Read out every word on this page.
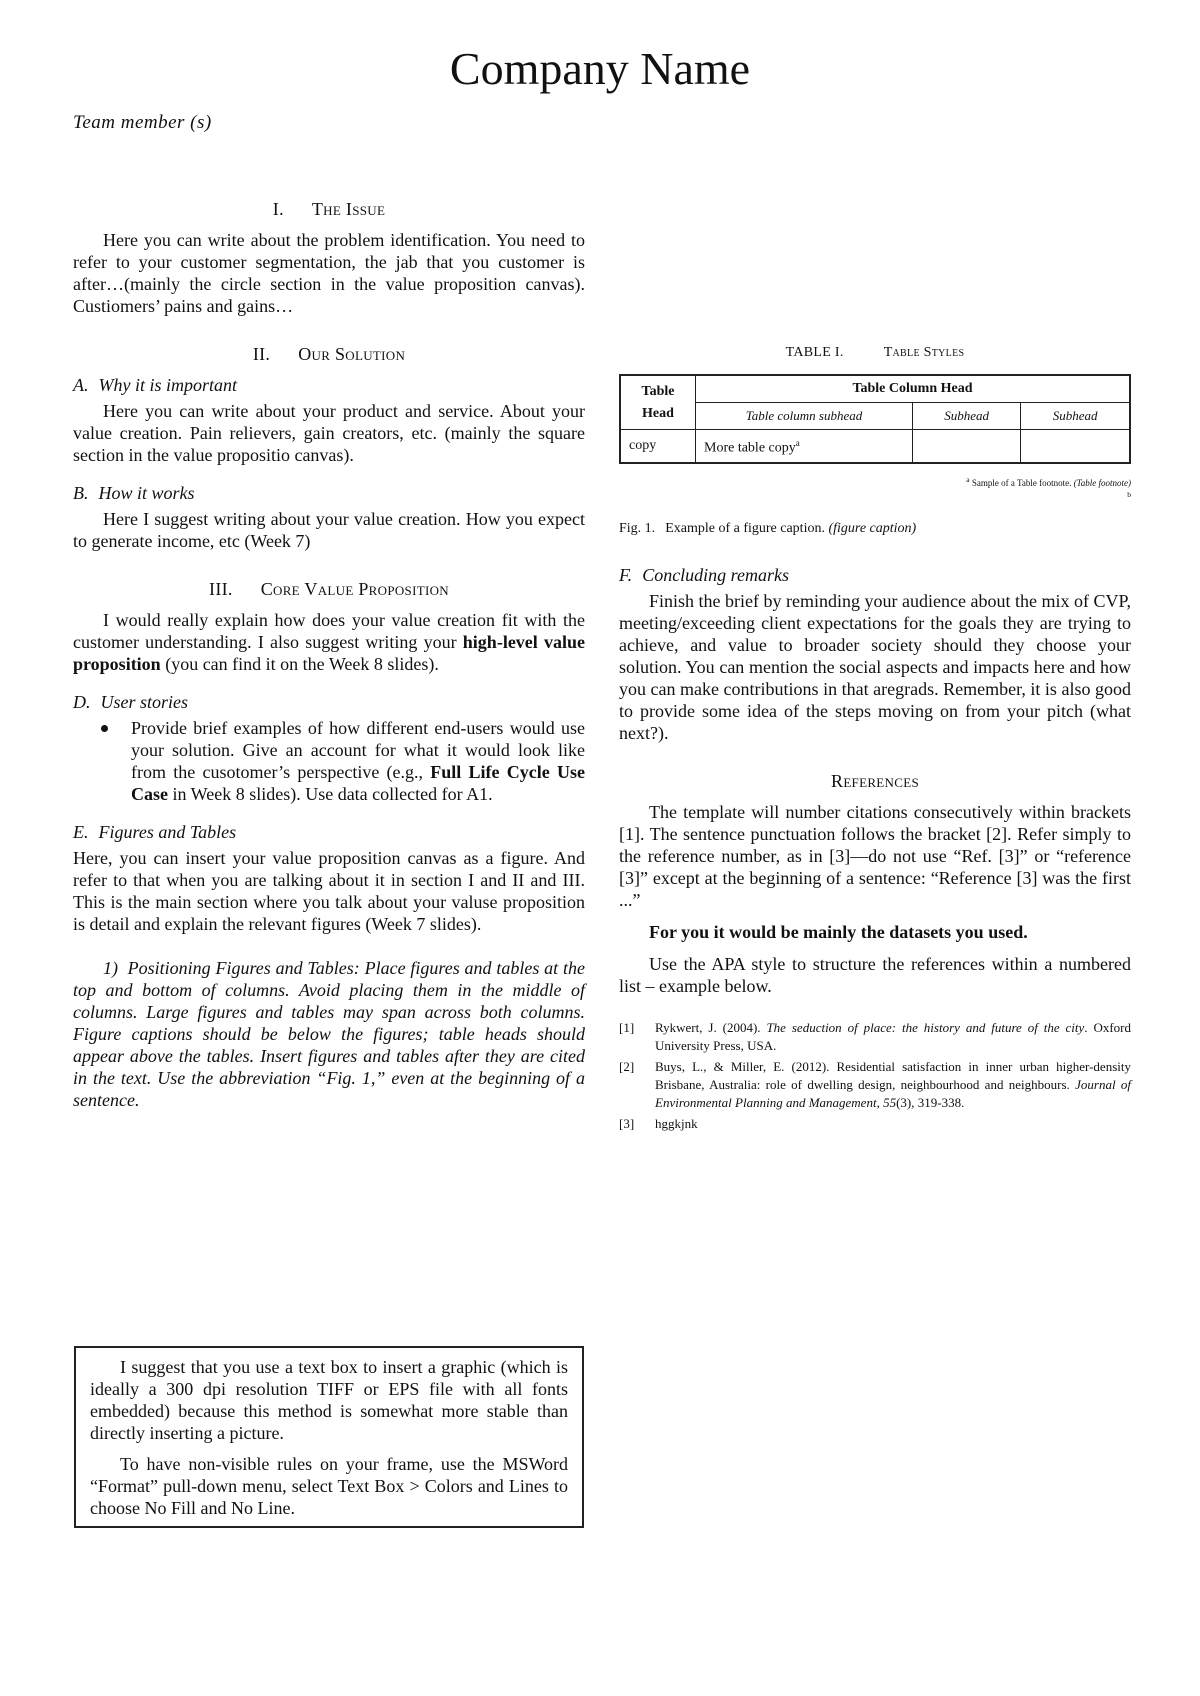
Company Name
Team member (s)
I. The Issue

Here you can write about the problem identification. You need to refer to your customer segmentation, the jab that you customer is after…(mainly the circle section in the value proposition canvas). Custiomers’ pains and gains…

II. Our Solution
A. Why it is important

Here you can write about your product and service. About your value creation. Pain relievers, gain creators, etc. (mainly the square section in the value propositio canvas).

B. How it works

Here I suggest writing about your value creation. How you expect to generate income, etc (Week 7)

III. Core Value Proposition

I would really explain how does your value creation fit with the customer understanding. I also suggest writing your high-level value proposition (you can find it on the Week 8 slides).

D. User stories
Provide brief examples of how different end-users would use your solution. Give an account for what it would look like from the cusotomer’s perspective (e.g., Full Life Cycle Use Case in Week 8 slides). Use data collected for A1.
E. Figures and Tables

Here, you can insert your value proposition canvas as a figure. And refer to that when you are talking about it in section I and II and III. This is the main section where you talk about your valuse proposition is detail and explain the relevant figures (Week 7 slides).

1) Positioning Figures and Tables: Place figures and tables at the top and bottom of columns. Avoid placing them in the middle of columns. Large figures and tables may span across both columns. Figure captions should be below the figures; table heads should appear above the tables. Insert figures and tables after they are cited in the text. Use the abbreviation “Fig. 1,” even at the beginning of a sentence.

TABLE I.	Table Styles
Table Head	Table Column Head		
	Table column subhead	Subhead	Subhead
copy	More table copy$^a$		
$^a$ Sample of a Table footnote. (Table footnote)
$^b$
Fig. 1. Example of a figure caption. (figure caption)
F. Concluding remarks

Finish the brief by reminding your audience about the mix of CVP, meeting/exceeding client expectations for the goals they are trying to achieve, and value to broader society should they choose your solution. You can mention the social aspects and impacts here and how you can make contributions in that aregrads. Remember, it is also good to provide some idea of the steps moving on from your pitch (what next?).

References

The template will number citations consecutively within brackets [1]. The sentence punctuation follows the bracket [2]. Refer simply to the reference number, as in [3]—do not use “Ref. [3]” or “reference [3]” except at the beginning of a sentence: “Reference [3] was the first ...”

For you it would be mainly the datasets you used.

Use the APA style to structure the references within a numbered list – example below.

[1] Rykwert, J. (2004). The seduction of place: the history and future of the city. Oxford University Press, USA.
[2] Buys, L., & Miller, E. (2012). Residential satisfaction in inner urban higher-density Brisbane, Australia: role of dwelling design, neighbourhood and neighbours. Journal of Environmental Planning and Management, 55(3), 319-338.
[3] hggkjnk

I suggest that you use a text box to insert a graphic (which is ideally a 300 dpi resolution TIFF or EPS file with all fonts embedded) because this method is somewhat more stable than directly inserting a picture.

To have non-visible rules on your frame, use the MSWord “Format” pull-down menu, select Text Box > Colors and Lines to choose No Fill and No Line.
